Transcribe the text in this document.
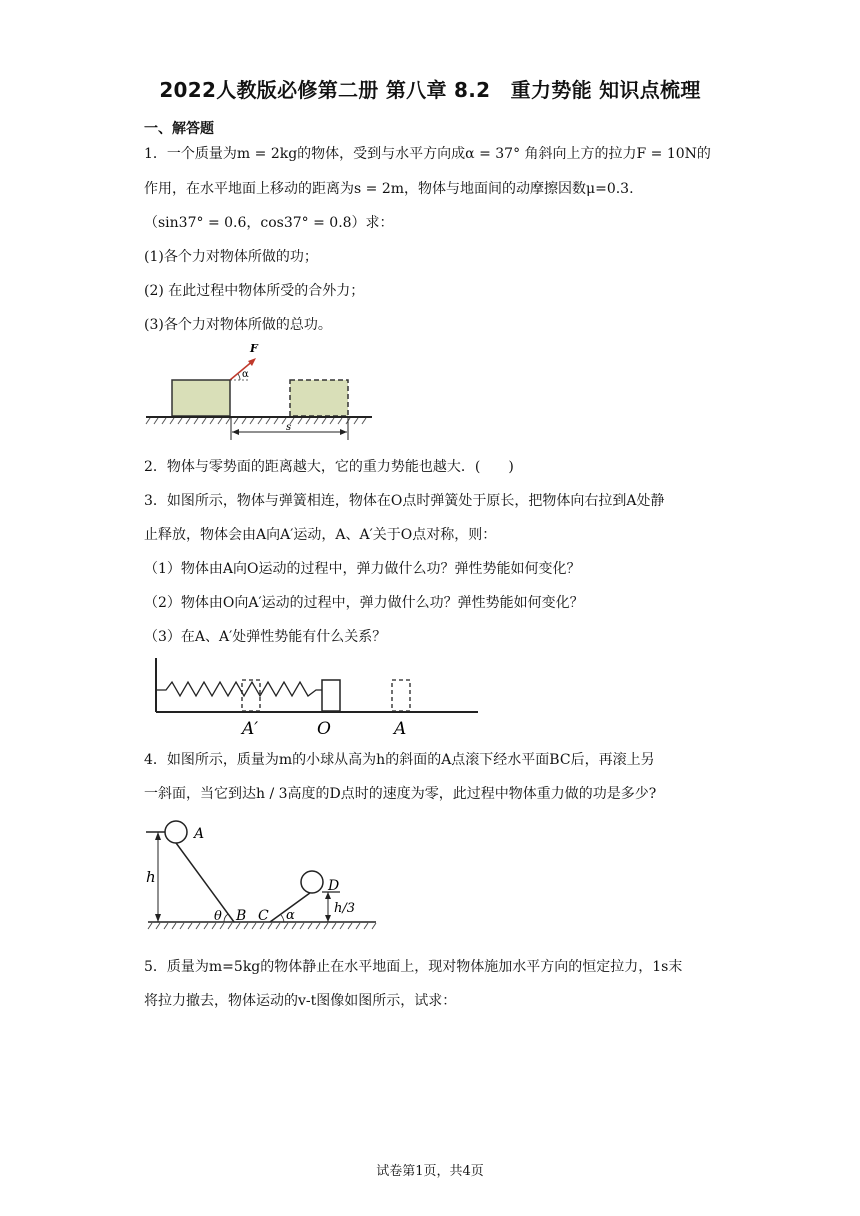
2022人教版必修第二册 第八章 8.2　重力势能 知识点梳理
一、解答题
1．一个质量为m = 2kg的物体，受到与水平方向成α = 37° 角斜向上方的拉力F = 10N的
作用，在水平地面上移动的距离为s = 2m，物体与地面间的动摩擦因数μ=0.3.
（sin37° = 0.6，cos37° = 0.8）求：
(1)各个力对物体所做的功；
(2) 在此过程中物体所受的合外力；
(3)各个力对物体所做的总功。
F
α
s
2．物体与零势面的距离越大，它的重力势能也越大．(　　)
3．如图所示，物体与弹簧相连，物体在O点时弹簧处于原长，把物体向右拉到A处静
止释放，物体会由A向A′运动，A、A′关于O点对称，则：
（1）物体由A向O运动的过程中，弹力做什么功？弹性势能如何变化？
（2）物体由O向A′运动的过程中，弹力做什么功？弹性势能如何变化？
（3）在A、A′处弹性势能有什么关系？
A′	O	A
4．如图所示，质量为m的小球从高为h的斜面的A点滚下经水平面BC后，再滚上另
一斜面，当它到达h / 3高度的D点时的速度为零，此过程中物体重力做的功是多少?
h
A
θ B C α
D
h/3
5．质量为m=5kg的物体静止在水平地面上，现对物体施加水平方向的恒定拉力，1s末
将拉力撤去，物体运动的v-t图像如图所示，试求：
试卷第1页，共4页
